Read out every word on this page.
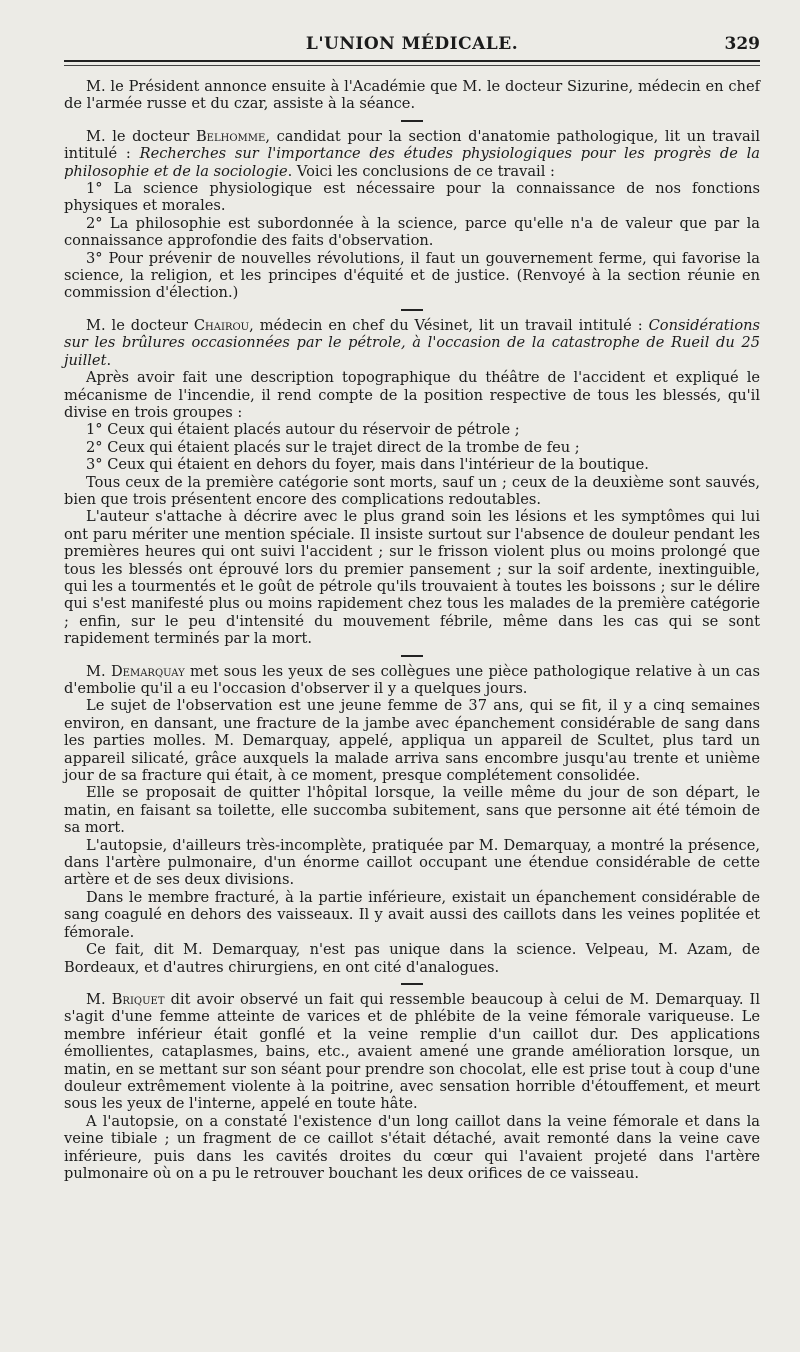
L'UNION MÉDICALE.	329

M. le Président annonce ensuite à l'Académie que M. le docteur Sizurine, médecin en chef de l'armée russe et du czar, assiste à la séance.

M. le docteur Belhomme, candidat pour la section d'anatomie pathologique, lit un travail intitulé : Recherches sur l'importance des études physiologiques pour les progrès de la philosophie et de la sociologie. Voici les conclusions de ce travail :

1° La science physiologique est nécessaire pour la connaissance de nos fonctions physiques et morales.

2° La philosophie est subordonnée à la science, parce qu'elle n'a de valeur que par la connaissance approfondie des faits d'observation.

3° Pour prévenir de nouvelles révolutions, il faut un gouvernement ferme, qui favorise la science, la religion, et les principes d'équité et de justice. (Renvoyé à la section réunie en commission d'élection.)

M. le docteur Chairou, médecin en chef du Vésinet, lit un travail intitulé : Considérations sur les brûlures occasionnées par le pétrole, à l'occasion de la catastrophe de Rueil du 25 juillet.

Après avoir fait une description topographique du théâtre de l'accident et expliqué le mécanisme de l'incendie, il rend compte de la position respective de tous les blessés, qu'il divise en trois groupes :

1° Ceux qui étaient placés autour du réservoir de pétrole ;

2° Ceux qui étaient placés sur le trajet direct de la trombe de feu ;

3° Ceux qui étaient en dehors du foyer, mais dans l'intérieur de la boutique.

Tous ceux de la première catégorie sont morts, sauf un ; ceux de la deuxième sont sauvés, bien que trois présentent encore des complications redoutables.

L'auteur s'attache à décrire avec le plus grand soin les lésions et les symptômes qui lui ont paru mériter une mention spéciale. Il insiste surtout sur l'absence de douleur pendant les premières heures qui ont suivi l'accident ; sur le frisson violent plus ou moins prolongé que tous les blessés ont éprouvé lors du premier pansement ; sur la soif ardente, inextinguible, qui les a tourmentés et le goût de pétrole qu'ils trouvaient à toutes les boissons ; sur le délire qui s'est manifesté plus ou moins rapidement chez tous les malades de la première catégorie ; enfin, sur le peu d'intensité du mouvement fébrile, même dans les cas qui se sont rapidement terminés par la mort.

M. Demarquay met sous les yeux de ses collègues une pièce pathologique relative à un cas d'embolie qu'il a eu l'occasion d'observer il y a quelques jours.

Le sujet de l'observation est une jeune femme de 37 ans, qui se fit, il y a cinq semaines environ, en dansant, une fracture de la jambe avec épanchement considérable de sang dans les parties molles. M. Demarquay, appelé, appliqua un appareil de Scultet, plus tard un appareil silicaté, grâce auxquels la malade arriva sans encombre jusqu'au trente et unième jour de sa fracture qui était, à ce moment, presque complétement consolidée.

Elle se proposait de quitter l'hôpital lorsque, la veille même du jour de son départ, le matin, en faisant sa toilette, elle succomba subitement, sans que personne ait été témoin de sa mort.

L'autopsie, d'ailleurs très-incomplète, pratiquée par M. Demarquay, a montré la présence, dans l'artère pulmonaire, d'un énorme caillot occupant une étendue considérable de cette artère et de ses deux divisions.

Dans le membre fracturé, à la partie inférieure, existait un épanchement considérable de sang coagulé en dehors des vaisseaux. Il y avait aussi des caillots dans les veines poplitée et fémorale.

Ce fait, dit M. Demarquay, n'est pas unique dans la science. Velpeau, M. Azam, de Bordeaux, et d'autres chirurgiens, en ont cité d'analogues.

M. Briquet dit avoir observé un fait qui ressemble beaucoup à celui de M. Demarquay. Il s'agit d'une femme atteinte de varices et de phlébite de la veine fémorale variqueuse. Le membre inférieur était gonflé et la veine remplie d'un caillot dur. Des applications émollientes, cataplasmes, bains, etc., avaient amené une grande amélioration lorsque, un matin, en se mettant sur son séant pour prendre son chocolat, elle est prise tout à coup d'une douleur extrêmement violente à la poitrine, avec sensation horrible d'étouffement, et meurt sous les yeux de l'interne, appelé en toute hâte.

A l'autopsie, on a constaté l'existence d'un long caillot dans la veine fémorale et dans la veine tibiale ; un fragment de ce caillot s'était détaché, avait remonté dans la veine cave inférieure, puis dans les cavités droites du cœur qui l'avaient projeté dans l'artère pulmonaire où on a pu le retrouver bouchant les deux orifices de ce vaisseau.
